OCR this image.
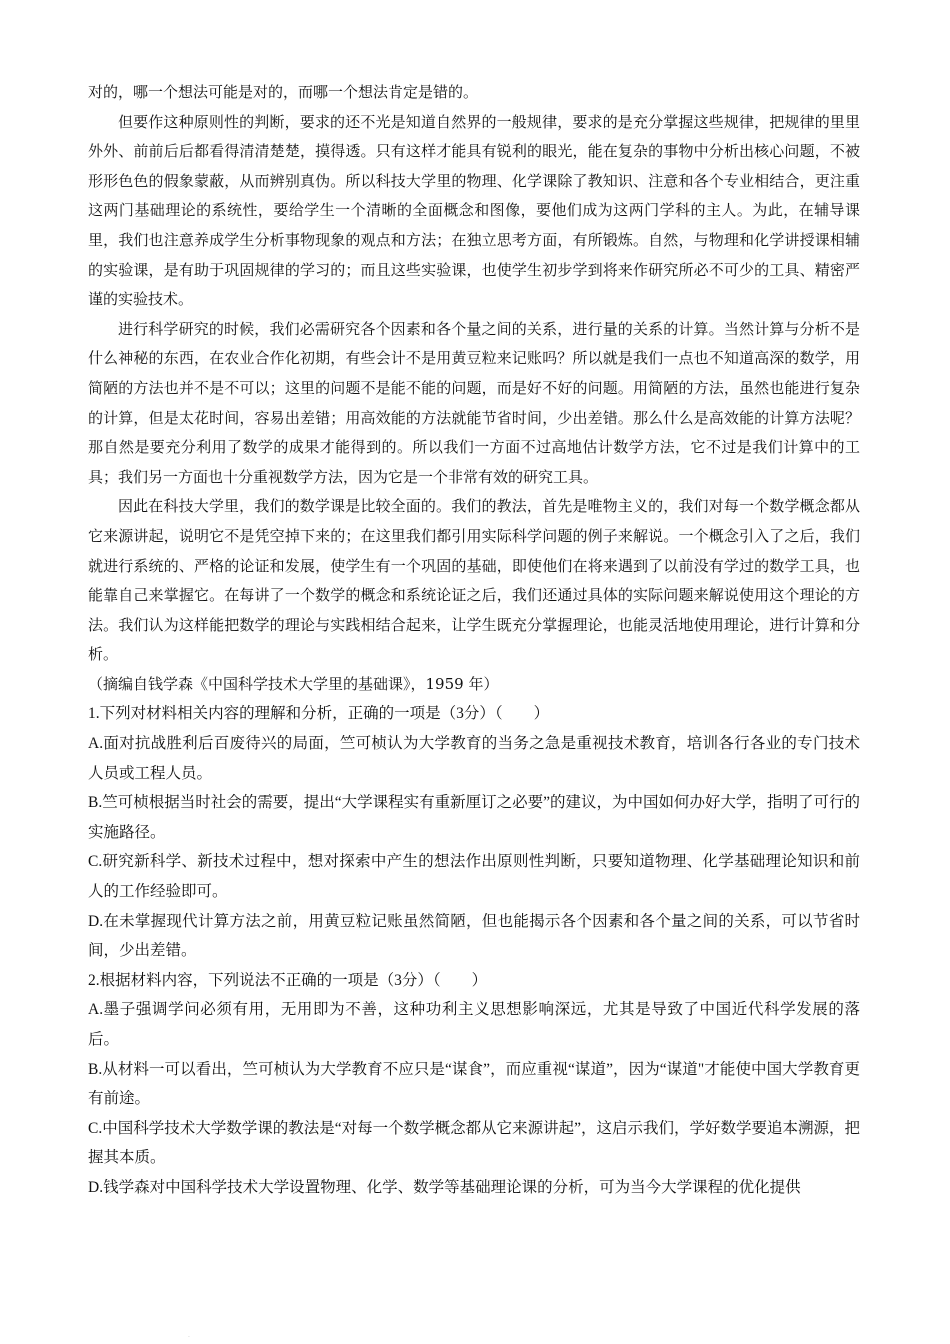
对的，哪一个想法可能是对的，而哪一个想法肯定是错的。

但要作这种原则性的判断，要求的还不光是知道自然界的一般规律，要求的是充分掌握这些规律，把规律的里里外外、前前后后都看得清清楚楚，摸得透。只有这样才能具有锐利的眼光，能在复杂的事物中分析出核心问题，不被形形色色的假象蒙蔽，从而辨别真伪。所以科技大学里的物理、化学课除了教知识、注意和各个专业相结合，更注重这两门基础理论的系统性，要给学生一个清晰的全面概念和图像，要他们成为这两门学科的主人。为此，在辅导课里，我们也注意养成学生分析事物现象的观点和方法；在独立思考方面，有所锻炼。自然，与物理和化学讲授课相辅的实验课，是有助于巩固规律的学习的；而且这些实验课，也使学生初步学到将来作研究所必不可少的工具、精密严谨的实验技术。

进行科学研究的时候，我们必需研究各个因素和各个量之间的关系，进行量的关系的计算。当然计算与分析不是什么神秘的东西，在农业合作化初期，有些会计不是用黄豆粒来记账吗？所以就是我们一点也不知道高深的数学，用简陋的方法也并不是不可以；这里的问题不是能不能的问题，而是好不好的问题。用简陋的方法，虽然也能进行复杂的计算，但是太花时间，容易出差错；用高效能的方法就能节省时间，少出差错。那么什么是高效能的计算方法呢？那自然是要充分利用了数学的成果才能得到的。所以我们一方面不过高地估计数学方法，它不过是我们计算中的工具；我们另一方面也十分重视数学方法，因为它是一个非常有效的研究工具。

因此在科技大学里，我们的数学课是比较全面的。我们的教法，首先是唯物主义的，我们对每一个数学概念都从它来源讲起，说明它不是凭空掉下来的；在这里我们都引用实际科学问题的例子来解说。一个概念引入了之后，我们就进行系统的、严格的论证和发展，使学生有一个巩固的基础，即使他们在将来遇到了以前没有学过的数学工具，也能靠自己来掌握它。在每讲了一个数学的概念和系统论证之后，我们还通过具体的实际问题来解说使用这个理论的方法。我们认为这样能把数学的理论与实践相结合起来，让学生既充分掌握理论，也能灵活地使用理论，进行计算和分析。

（摘编自钱学森《中国科学技术大学里的基础课》，1959 年）

1.下列对材料相关内容的理解和分析，正确的一项是（3分）（　　）

A.面对抗战胜利后百废待兴的局面，竺可桢认为大学教育的当务之急是重视技术教育，培训各行各业的专门技术人员或工程人员。

B.竺可桢根据当时社会的需要，提出“大学课程实有重新厘订之必要”的建议，为中国如何办好大学，指明了可行的实施路径。

C.研究新科学、新技术过程中，想对探索中产生的想法作出原则性判断，只要知道物理、化学基础理论知识和前人的工作经验即可。

D.在未掌握现代计算方法之前，用黄豆粒记账虽然简陋，但也能揭示各个因素和各个量之间的关系，可以节省时间，少出差错。

2.根据材料内容，下列说法不正确的一项是（3分）（　　）

A.墨子强调学问必须有用，无用即为不善，这种功利主义思想影响深远，尤其是导致了中国近代科学发展的落后。

B.从材料一可以看出，竺可桢认为大学教育不应只是“谋食”，而应重视“谋道”，因为“谋道"才能使中国大学教育更有前途。

C.中国科学技术大学数学课的教法是“对每一个数学概念都从它来源讲起”，这启示我们，学好数学要追本溯源，把握其本质。

D.钱学森对中国科学技术大学设置物理、化学、数学等基础理论课的分析，可为当今大学课程的优化提供

.
